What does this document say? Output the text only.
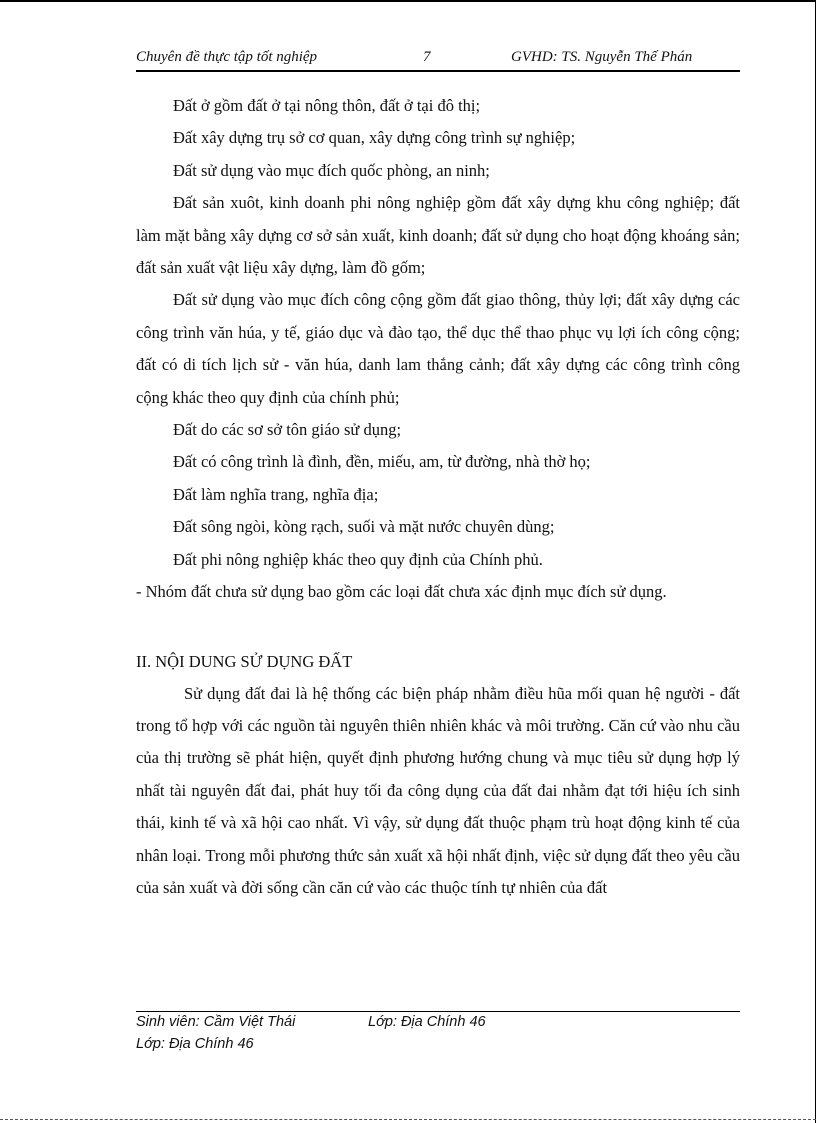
Chuyên đề thực tập tốt nghiệp	7	GVHD: TS. Nguyễn Thế Phán

Đất ở gồm đất ở tại nông thôn, đất ở tại đô thị;

Đất xây dựng trụ sở cơ quan, xây dựng công trình sự nghiệp;

Đất sử dụng vào mục đích quốc phòng, an ninh;

Đất sản xuôt, kinh doanh phi nông nghiệp gồm đất xây dựng khu công nghiệp; đất làm mặt bằng xây dựng cơ sở sản xuất, kinh doanh; đất sử dụng cho hoạt động khoáng sản; đất sản xuất vật liệu xây dựng, làm đồ gốm;

Đất sử dụng vào mục đích công cộng gồm đất giao thông, thủy lợi; đất xây dựng các công trình văn húa, y tế, giáo dục và đào tạo, thể dục thể thao phục vụ lợi ích công cộng; đất có di tích lịch sử - văn húa, danh lam thắng cảnh; đất xây dựng các công trình công cộng khác theo quy định của chính phủ;

Đất do các sơ sở tôn giáo sử dụng;

Đất có công trình là đình, đền, miếu, am, từ đường, nhà thờ họ;

Đất làm nghĩa trang, nghĩa địa;

Đất sông ngòi, kòng rạch, suối và mặt nước chuyên dùng;

Đất phi nông nghiệp khác theo quy định của Chính phủ.

- Nhóm đất chưa sử dụng bao gồm các loại đất chưa xác định mục đích sử dụng.

II. NỘI DUNG SỬ DỤNG ĐẤT

Sử dụng đất đai là hệ thống các biện pháp nhằm điều hũa mối quan hệ người - đất trong tổ hợp với các nguồn tài nguyên thiên nhiên khác và môi trường. Căn cứ vào nhu cầu của thị trường sẽ phát hiện, quyết định phương hướng chung và mục tiêu sử dụng hợp lý nhất tài nguyên đất đai, phát huy tối đa công dụng của đất đai nhằm đạt tới hiệu ích sinh thái, kinh tế và xã hội cao nhất. Vì vậy, sử dụng đất thuộc phạm trù hoạt động kinh tế của nhân loại. Trong mỗi phương thức sản xuất xã hội nhất định, việc sử dụng đất theo yêu cầu của sản xuất và đời sống cần căn cứ vào các thuộc tính tự nhiên của đất

Sinh viên: Cầm Việt Thái	Lớp: Địa Chính 46
Lớp: Địa Chính 46
